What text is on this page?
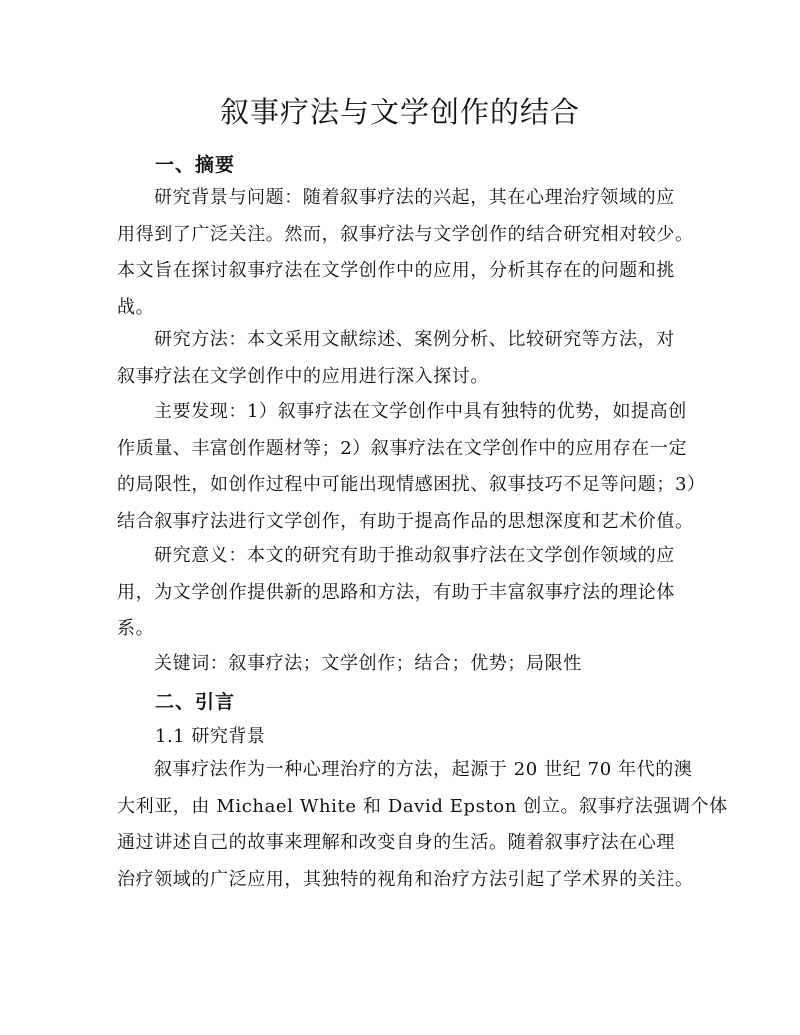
叙事疗法与文学创作的结合
一、摘要
研究背景与问题：随着叙事疗法的兴起，其在心理治疗领域的应
用得到了广泛关注。然而，叙事疗法与文学创作的结合研究相对较少。
本文旨在探讨叙事疗法在文学创作中的应用，分析其存在的问题和挑
战。
研究方法：本文采用文献综述、案例分析、比较研究等方法，对
叙事疗法在文学创作中的应用进行深入探讨。
主要发现：1）叙事疗法在文学创作中具有独特的优势，如提高创
作质量、丰富创作题材等；2）叙事疗法在文学创作中的应用存在一定
的局限性，如创作过程中可能出现情感困扰、叙事技巧不足等问题；3）
结合叙事疗法进行文学创作，有助于提高作品的思想深度和艺术价值。
研究意义：本文的研究有助于推动叙事疗法在文学创作领域的应
用，为文学创作提供新的思路和方法，有助于丰富叙事疗法的理论体
系。
关键词：叙事疗法；文学创作；结合；优势；局限性
二、引言
1.1 研究背景
叙事疗法作为一种心理治疗的方法，起源于 20 世纪 70 年代的澳
大利亚，由 Michael White 和 David Epston 创立。叙事疗法强调个体
通过讲述自己的故事来理解和改变自身的生活。随着叙事疗法在心理
治疗领域的广泛应用，其独特的视角和治疗方法引起了学术界的关注。
